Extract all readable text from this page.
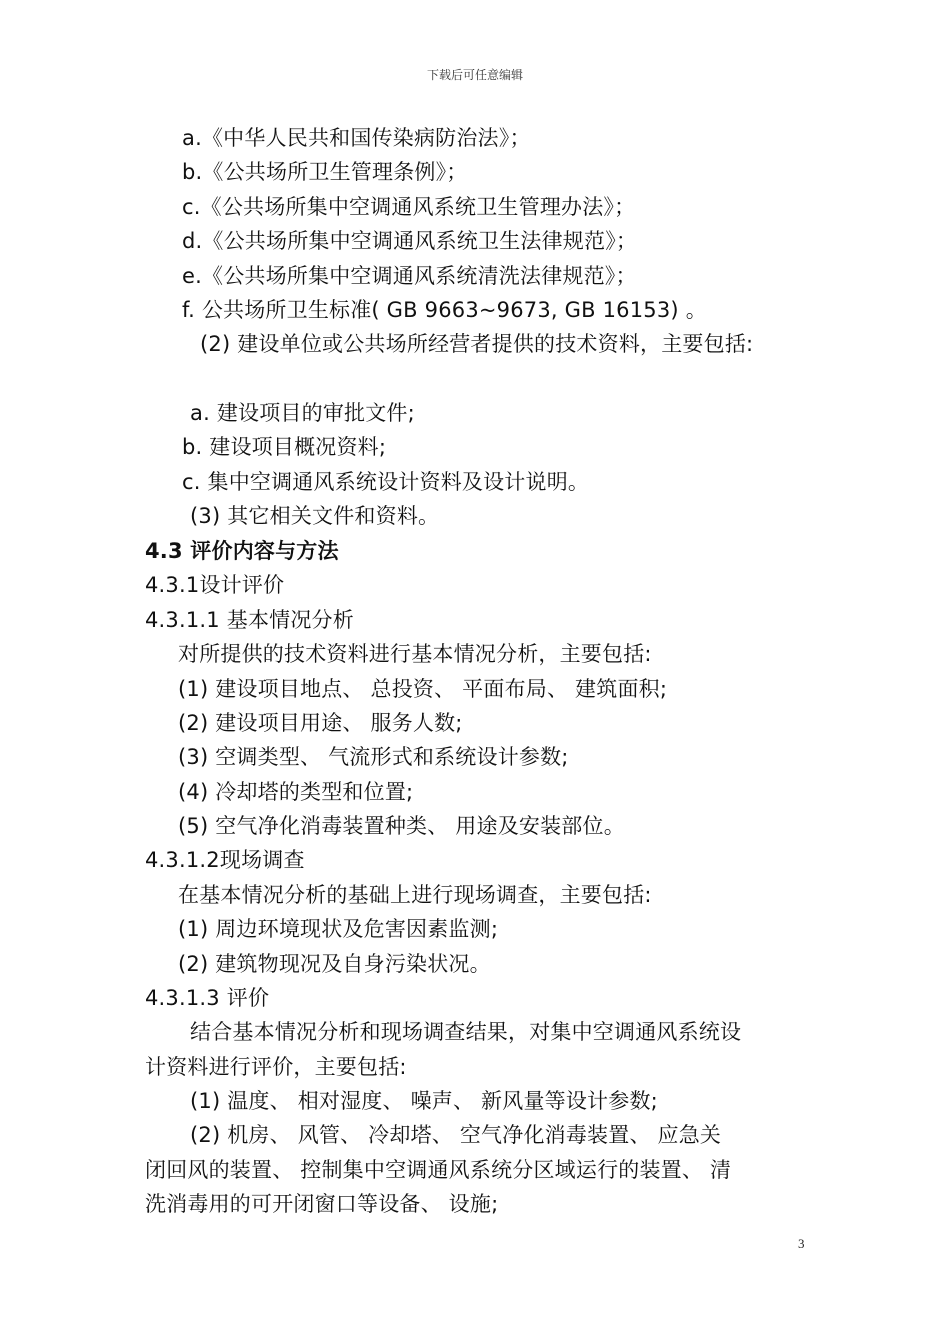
下载后可任意编辑
a.《中华人民共和国传染病防治法》；
b.《公共场所卫生管理条例》；
c.《公共场所集中空调通风系统卫生管理办法》；
d.《公共场所集中空调通风系统卫生法律规范》；
e.《公共场所集中空调通风系统清洗法律规范》；
f. 公共场所卫生标准( GB 9663~9673, GB 16153) 。
(2) 建设单位或公共场所经营者提供的技术资料，主要包括:
a. 建设项目的审批文件;
b. 建设项目概况资料;
c. 集中空调通风系统设计资料及设计说明。
(3) 其它相关文件和资料。
4.3 评价内容与方法
4.3.1设计评价
4.3.1.1 基本情况分析
对所提供的技术资料进行基本情况分析，主要包括:
(1) 建设项目地点、 总投资、 平面布局、 建筑面积;
(2) 建设项目用途、 服务人数;
(3) 空调类型、 气流形式和系统设计参数;
(4) 冷却塔的类型和位置;
(5) 空气净化消毒装置种类、 用途及安装部位。
4.3.1.2现场调查
在基本情况分析的基础上进行现场调查，主要包括:
(1) 周边环境现状及危害因素监测;
(2) 建筑物现况及自身污染状况。
4.3.1.3 评价
结合基本情况分析和现场调查结果，对集中空调通风系统设
计资料进行评价，主要包括:
(1) 温度、 相对湿度、 噪声、 新风量等设计参数;
(2) 机房、 风管、 冷却塔、 空气净化消毒装置、 应急关
闭回风的装置、 控制集中空调通风系统分区域运行的装置、 清
洗消毒用的可开闭窗口等设备、 设施;
3
